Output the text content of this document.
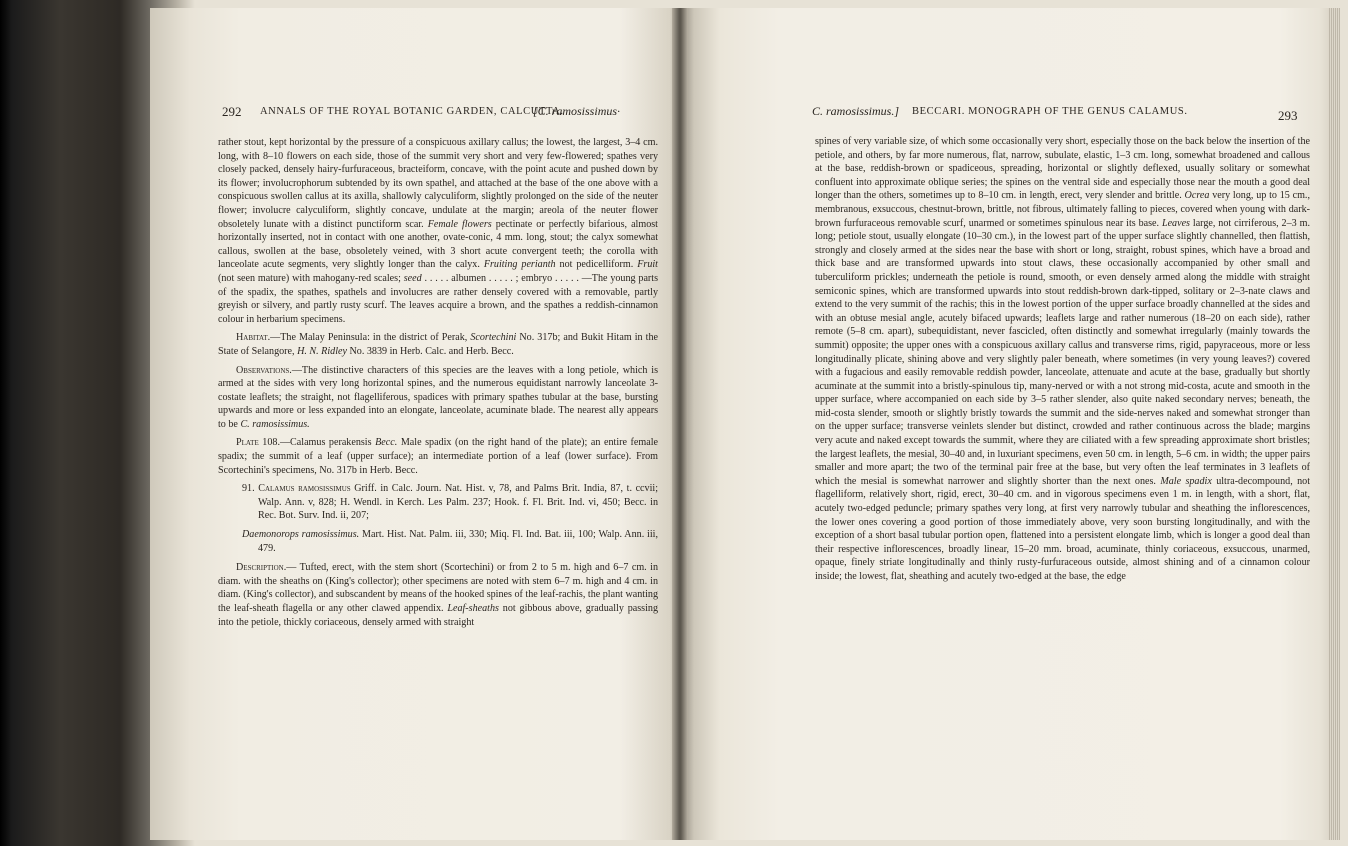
292 ANNALS OF THE ROYAL BOTANIC GARDEN, CALCUTTA.
[C. ramosissimus·

rather stout, kept horizontal by the pressure of a conspicuous axillary callus; the lowest, the largest, 3–4 cm. long, with 8–10 flowers on each side, those of the summit very short and very few-flowered; spathes very closely packed, densely hairy-furfuraceous, bracteiform, concave, with the point acute and pushed down by its flower; involucrophorum subtended by its own spathel, and attached at the base of the one above with a conspicuous swollen callus at its axilla, shallowly calyculiform, slightly prolonged on the side of the neuter flower; involucre calyculiform, slightly concave, undulate at the margin; areola of the neuter flower obsoletely lunate with a distinct punctiform scar. Female flowers pectinate or perfectly bifarious, almost horizontally inserted, not in contact with one another, ovate-conic, 4 mm. long, stout; the calyx somewhat callous, swollen at the base, obsoletely veined, with 3 short acute convergent teeth; the corolla with lanceolate acute segments, very slightly longer than the calyx. Fruiting perianth not pedicelliform. Fruit (not seen mature) with mahogany-red scales; seed . . . . . albumen . . . . . ; embryo . . . . . —The young parts of the spadix, the spathes, spathels and involucres are rather densely covered with a removable, partly greyish or silvery, and partly rusty scurf. The leaves acquire a brown, and the spathes a reddish-cinnamon colour in herbarium specimens.

Habitat.—The Malay Peninsula: in the district of Perak, Scortechini No. 317b; and Bukit Hitam in the State of Selangore, H. N. Ridley No. 3839 in Herb. Calc. and Herb. Becc.

Observations.—The distinctive characters of this species are the leaves with a long petiole, which is armed at the sides with very long horizontal spines, and the numerous equidistant narrowly lanceolate 3-costate leaflets; the straight, not flagelliferous, spadices with primary spathes tubular at the base, bursting upwards and more or less expanded into an elongate, lanceolate, acuminate blade. The nearest ally appears to be C. ramosissimus.

Plate 108.—Calamus perakensis Becc. Male spadix (on the right hand of the plate); an entire female spadix; the summit of a leaf (upper surface); an intermediate portion of a leaf (lower surface). From Scortechini's specimens, No. 317b in Herb. Becc.

91. Calamus ramosissimus Griff. in Calc. Journ. Nat. Hist. v, 78, and Palms Brit. India, 87, t. ccvii; Walp. Ann. v, 828; H. Wendl. in Kerch. Les Palm. 237; Hook. f. Fl. Brit. Ind. vi, 450; Becc. in Rec. Bot. Surv. Ind. ii, 207;

Daemonorops ramosissimus. Mart. Hist. Nat. Palm. iii, 330; Miq. Fl. Ind. Bat. iii, 100; Walp. Ann. iii, 479.

Description.— Tufted, erect, with the stem short (Scortechini) or from 2 to 5 m. high and 6–7 cm. in diam. with the sheaths on (King's collector); other specimens are noted with stem 6–7 m. high and 4 cm. in diam. (King's collector), and subscandent by means of the hooked spines of the leaf-rachis, the plant wanting the leaf-sheath flagella or any other clawed appendix. Leaf-sheaths not gibbous above, gradually passing into the petiole, thickly coriaceous, densely armed with straight

C. ramosissimus.] BECCARI. MONOGRAPH OF THE GENUS CALAMUS.	293

spines of very variable size, of which some occasionally very short, especially those on the back below the insertion of the petiole, and others, by far more numerous, flat, narrow, subulate, elastic, 1–3 cm. long, somewhat broadened and callous at the base, reddish-brown or spadiceous, spreading, horizontal or slightly deflexed, usually solitary or somewhat confluent into approximate oblique series; the spines on the ventral side and especially those near the mouth a good deal longer than the others, sometimes up to 8–10 cm. in length, erect, very slender and brittle. Ocrea very long, up to 15 cm., membranous, exsuccous, chestnut-brown, brittle, not fibrous, ultimately falling to pieces, covered when young with dark-brown furfuraceous removable scurf, unarmed or sometimes spinulous near its base. Leaves large, not cirriferous, 2–3 m. long; petiole stout, usually elongate (10–30 cm.), in the lowest part of the upper surface slightly channelled, then flattish, strongly and closely armed at the sides near the base with short or long, straight, robust spines, which have a broad and thick base and are transformed upwards into stout claws, these occasionally accompanied by other small and tuberculiform prickles; underneath the petiole is round, smooth, or even densely armed along the middle with straight semiconic spines, which are transformed upwards into stout reddish-brown dark-tipped, solitary or 2–3-nate claws and extend to the very summit of the rachis; this in the lowest portion of the upper surface broadly channelled at the sides and with an obtuse mesial angle, acutely bifaced upwards; leaflets large and rather numerous (18–20 on each side), rather remote (5–8 cm. apart), subequidistant, never fascicled, often distinctly and somewhat irregularly (mainly towards the summit) opposite; the upper ones with a conspicuous axillary callus and transverse rims, rigid, papyraceous, more or less longitudinally plicate, shining above and very slightly paler beneath, where sometimes (in very young leaves?) covered with a fugacious and easily removable reddish powder, lanceolate, attenuate and acute at the base, gradually but shortly acuminate at the summit into a bristly-spinulous tip, many-nerved or with a not strong mid-costa, acute and smooth in the upper surface, where accompanied on each side by 3–5 rather slender, also quite naked secondary nerves; beneath, the mid-costa slender, smooth or slightly bristly towards the summit and the side-nerves naked and somewhat stronger than on the upper surface; transverse veinlets slender but distinct, crowded and rather continuous across the blade; margins very acute and naked except towards the summit, where they are ciliated with a few spreading approximate short bristles; the largest leaflets, the mesial, 30–40 and, in luxuriant specimens, even 50 cm. in length, 5–6 cm. in width; the upper pairs smaller and more apart; the two of the terminal pair free at the base, but very often the leaf terminates in 3 leaflets of which the mesial is somewhat narrower and slightly shorter than the next ones. Male spadix ultra-decompound, not flagelliform, relatively short, rigid, erect, 30–40 cm. and in vigorous specimens even 1 m. in length, with a short, flat, acutely two-edged peduncle; primary spathes very long, at first very narrowly tubular and sheathing the inflorescences, the lower ones covering a good portion of those immediately above, very soon bursting longitudinally, and with the exception of a short basal tubular portion open, flattened into a persistent elongate limb, which is longer a good deal than their respective inflorescences, broadly linear, 15–20 mm. broad, acuminate, thinly coriaceous, exsuccous, unarmed, opaque, finely striate longitudinally and thinly rusty-furfuraceous outside, almost shining and of a cinnamon colour inside; the lowest, flat, sheathing and acutely two-edged at the base, the edge
